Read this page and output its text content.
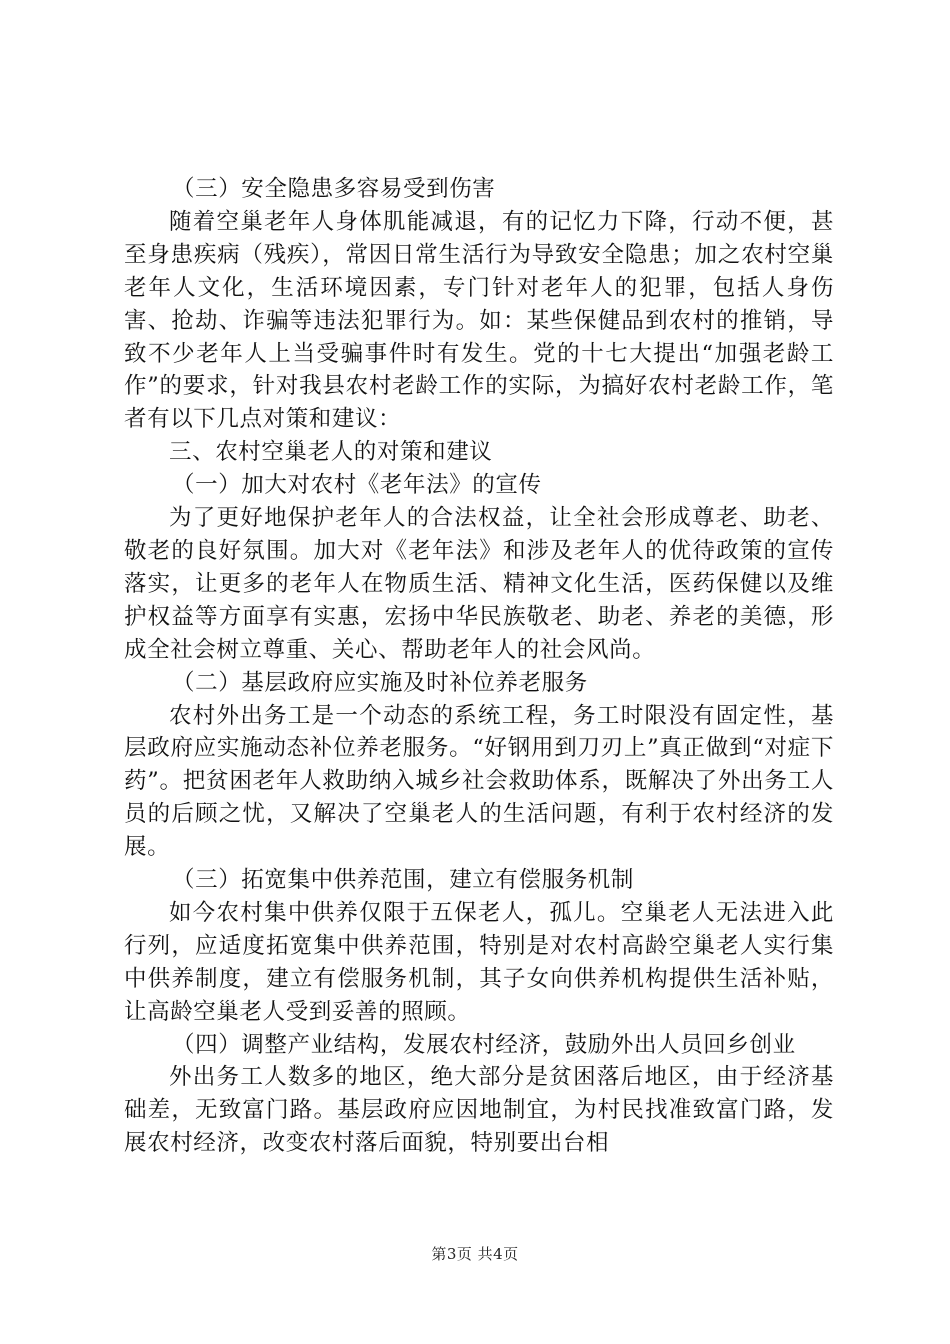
（三）安全隐患多容易受到伤害

随着空巢老年人身体肌能减退，有的记忆力下降，行动不便，甚至身患疾病（残疾），常因日常生活行为导致安全隐患；加之农村空巢老年人文化，生活环境因素，专门针对老年人的犯罪，包括人身伤害、抢劫、诈骗等违法犯罪行为。如：某些保健品到农村的推销，导致不少老年人上当受骗事件时有发生。党的十七大提出“加强老龄工作”的要求，针对我县农村老龄工作的实际，为搞好农村老龄工作，笔者有以下几点对策和建议：

三、农村空巢老人的对策和建议

（一）加大对农村《老年法》的宣传

为了更好地保护老年人的合法权益，让全社会形成尊老、助老、敬老的良好氛围。加大对《老年法》和涉及老年人的优待政策的宣传落实，让更多的老年人在物质生活、精神文化生活，医药保健以及维护权益等方面享有实惠，宏扬中华民族敬老、助老、养老的美德，形成全社会树立尊重、关心、帮助老年人的社会风尚。

（二）基层政府应实施及时补位养老服务

农村外出务工是一个动态的系统工程，务工时限没有固定性，基层政府应实施动态补位养老服务。“好钢用到刀刃上”真正做到“对症下药”。把贫困老年人救助纳入城乡社会救助体系，既解决了外出务工人员的后顾之忧，又解决了空巢老人的生活问题，有利于农村经济的发展。

（三）拓宽集中供养范围，建立有偿服务机制

如今农村集中供养仅限于五保老人，孤儿。空巢老人无法进入此行列，应适度拓宽集中供养范围，特别是对农村高龄空巢老人实行集中供养制度，建立有偿服务机制，其子女向供养机构提供生活补贴，让高龄空巢老人受到妥善的照顾。

（四）调整产业结构，发展农村经济，鼓励外出人员回乡创业

外出务工人数多的地区，绝大部分是贫困落后地区，由于经济基础差，无致富门路。基层政府应因地制宜，为村民找准致富门路，发展农村经济，改变农村落后面貌，特别要出台相

第3页 共4页
